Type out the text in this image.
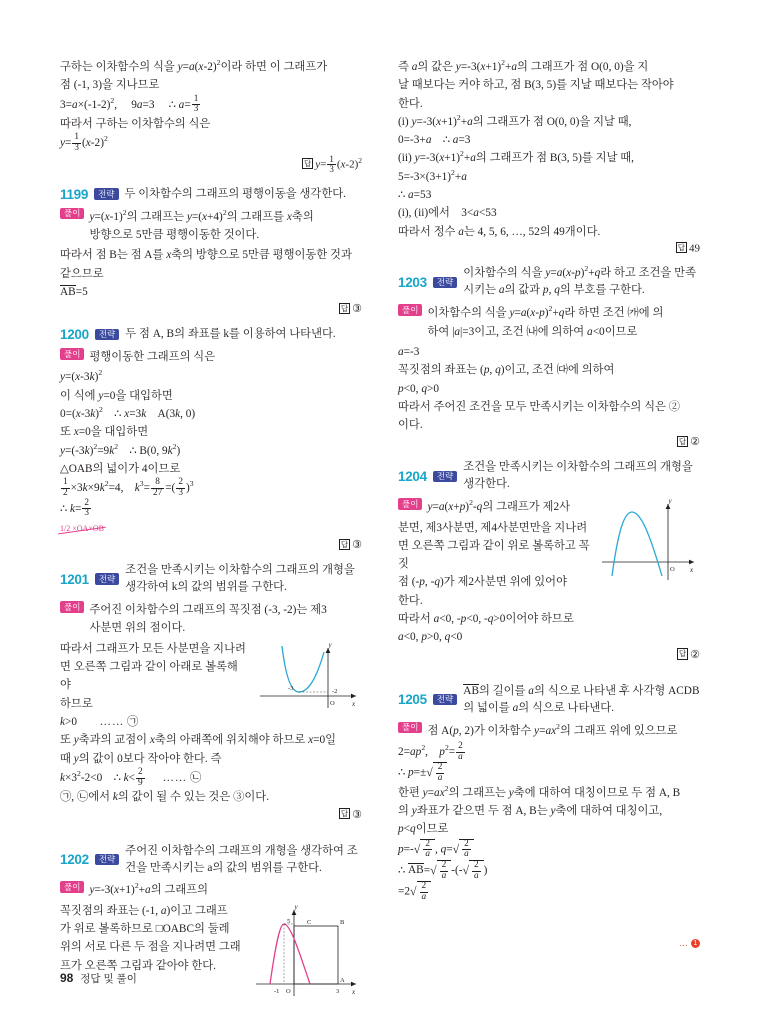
구하는 이차함수의 식을 $y=a(x-2)^2$이라 하면 이 그래프가

점 (-1, 3)을 지나므로

$3=a\times(-1-2)^2$,     9a=3     ∴ $a= \frac{1}{3}$

따라서 구하는 이차함수의 식은

$y= \frac{1}{3} (x-2)^2$

답 $y= \frac{1}{3} (x-2)^2$

1199	전략 두 이차함수의 그래프의 평행이동을 생각한다.
풀이 $y=(x-1)^2$의 그래프는 $y=(x+4)^2$의 그래프를 x축의

방향으로 5만큼 평행이동한 것이다.

따라서 점 B는 점 A를 x축의 방향으로 5만큼 평행이동한 것과

같으므로

AB=5

답 ③

1200	전략 두 점 A, B의 좌표를 k를 이용하여 나타낸다.
풀이 평행이동한 그래프의 식은

$y=(x-3k)^2$

이 식에 y=0을 대입하면

$0=(x-3k)^2$    ∴ x=3k    A(3k, 0)

또 x=0을 대입하면

$y=(-3k)^2=9k^2$    ∴ B(0, $9k^2$)

△OAB의 넓이가 4이므로

$\frac{1}{2} \times 3k\times 9k^2=4$,    $k^3= \frac{8}{27}$ =( $\frac{2}{3} )^3$

∴ $k= \frac{2}{3}$

1/2 ×OA×OB

답 ③

1201	전략
조건을 만족시키는 이차함수의 그래프의 개형을 생각하여 k의 값의 범위를 구한다.
풀이 주어진 이차함수의 그래프의 꼭짓점 (-3, -2)는 제3

사분면 위의 점이다.

y
x
-3
O
-2

따라서 그래프가 모든 사분면을 지나려

면 오른쪽 그림과 같이 아래로 볼록해야

하므로

k>0        …… ㉠

또 y축과의 교점이 x축의 아래쪽에 위치해야 하므로 x=0일

때 y의 값이 0보다 작아야 한다. 즉

$k\times 3^2-2<0$    ∴ $k< \frac{2}{9}$ …… ㉡

㉠, ㉡에서 k의 값이 될 수 있는 것은 ③이다.

답 ③

1202	전략
주어진 이차함수의 그래프의 개형을 생각하여 조건을 만족시키는 a의 값의 범위를 구한다.
풀이 $y=-3(x+1)^2+a$의 그래프의

y
x
5	C	B
A
-1 O	3

꼭짓점의 좌표는 (-1, a)이고 그래프

가 위로 볼록하므로 □OABC의 둘레

위의 서로 다른 두 점을 지나려면 그래

프가 오른쪽 그림과 같아야 한다.

즉 a의 값은 $y=-3(x+1)^2+a$의 그래프가 점 O(0, 0)을 지

날 때보다는 커야 하고, 점 B(3, 5)를 지날 때보다는 작아야

한다.

(i) $y=-3(x+1)^2+a$의 그래프가 점 O(0, 0)을 지날 때,

0=-3+a    ∴ a=3

(ii) $y=-3(x+1)^2+a$의 그래프가 점 B(3, 5)를 지날 때,

$5=-3\times(3+1)^2+a$

∴ a=53

(i), (ii)에서    3<a<53

따라서 정수 a는 4, 5, 6, …, 52의 49개이다.

답 49

1203	전략
이차함수의 식을 $y=a(x-p)^2+q$라 하고 조건을 만족시키는 a의 값과 p, q의 부호를 구한다.
풀이 이차함수의 식을 $y=a(x-p)^2+q$라 하면 조건 ㈎에 의

하여 |a|=3이고, 조건 ㈏에 의하여 a<0이므로

a=-3

꼭짓점의 좌표는 (p, q)이고, 조건 ㈐에 의하여

p<0, q>0

따라서 주어진 조건을 모두 만족시키는 이차함수의 식은 ②

이다.

답 ②

1204	전략
조건을 만족시키는 이차함수의 그래프의 개형을 생각한다.
y
x
O
풀이 $y=a(x+p)^2-q$의 그래프가 제2사

분면, 제3사분면, 제4사분면만을 지나려

면 오른쪽 그림과 같이 위로 볼록하고 꼭짓

점 (-p, -q)가 제2사분면 위에 있어야

한다.

따라서 a<0, -p<0, -q>0이어야 하므로

a<0, p>0, q<0

답 ②

1205	전략
AB의 길이를 a의 식으로 나타낸 후 사각형 ACDB의 넓이를 a의 식으로 나타낸다.
풀이 점 A(p, 2)가 이차함수 $y=ax^2$의 그래프 위에 있으므로

$2=ap^2$,    $p^2= \frac{2}{a}$

∴ $p=\pm√ \frac{2}{a}$

한편 $y=ax^2$의 그래프는 y축에 대하여 대칭이므로 두 점 A, B

의 y좌표가 같으면 두 점 A, B는 y축에 대하여 대칭이고,

p<q이므로

$p=-√ \frac{2}{a}$ , $q=√ \frac{2}{a}$

∴ $AB=√ \frac{2}{a}$ -(-√ $\frac{2}{a}$ )

$=2√ \frac{2}{a}$

… 1
98 정답 및 풀이
